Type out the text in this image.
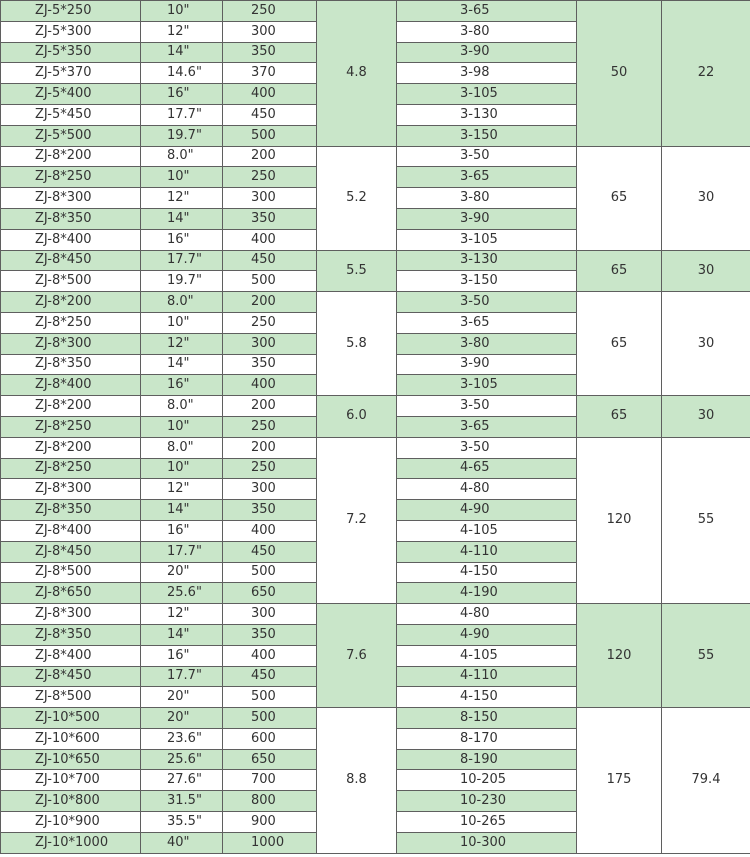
ZJ-5*250	10"	250	4.8	3-65	50	22
ZJ-5*300	12"	300		3-80		
ZJ-5*350	14"	350		3-90		
ZJ-5*370	14.6"	370		3-98		
ZJ-5*400	16"	400		3-105		
ZJ-5*450	17.7"	450		3-130		
ZJ-5*500	19.7"	500		3-150		
ZJ-8*200	8.0"	200	5.2	3-50	65	30
ZJ-8*250	10"	250		3-65		
ZJ-8*300	12"	300		3-80		
ZJ-8*350	14"	350		3-90		
ZJ-8*400	16"	400		3-105		
ZJ-8*450	17.7"	450	5.5	3-130	65	30
ZJ-8*500	19.7"	500		3-150		
ZJ-8*200	8.0"	200	5.8	3-50	65	30
ZJ-8*250	10"	250		3-65		
ZJ-8*300	12"	300		3-80		
ZJ-8*350	14"	350		3-90		
ZJ-8*400	16"	400		3-105		
ZJ-8*200	8.0"	200	6.0	3-50	65	30
ZJ-8*250	10"	250		3-65		
ZJ-8*200	8.0"	200	7.2	3-50	120	55
ZJ-8*250	10"	250		4-65		
ZJ-8*300	12"	300		4-80		
ZJ-8*350	14"	350		4-90		
ZJ-8*400	16"	400		4-105		
ZJ-8*450	17.7"	450		4-110		
ZJ-8*500	20"	500		4-150		
ZJ-8*650	25.6"	650		4-190		
ZJ-8*300	12"	300	7.6	4-80	120	55
ZJ-8*350	14"	350		4-90		
ZJ-8*400	16"	400		4-105		
ZJ-8*450	17.7"	450		4-110		
ZJ-8*500	20"	500		4-150		
ZJ-10*500	20"	500	8.8	8-150	175	79.4
ZJ-10*600	23.6"	600		8-170		
ZJ-10*650	25.6"	650		8-190		
ZJ-10*700	27.6"	700		10-205		
ZJ-10*800	31.5"	800		10-230		
ZJ-10*900	35.5"	900		10-265		
ZJ-10*1000	40"	1000		10-300		
